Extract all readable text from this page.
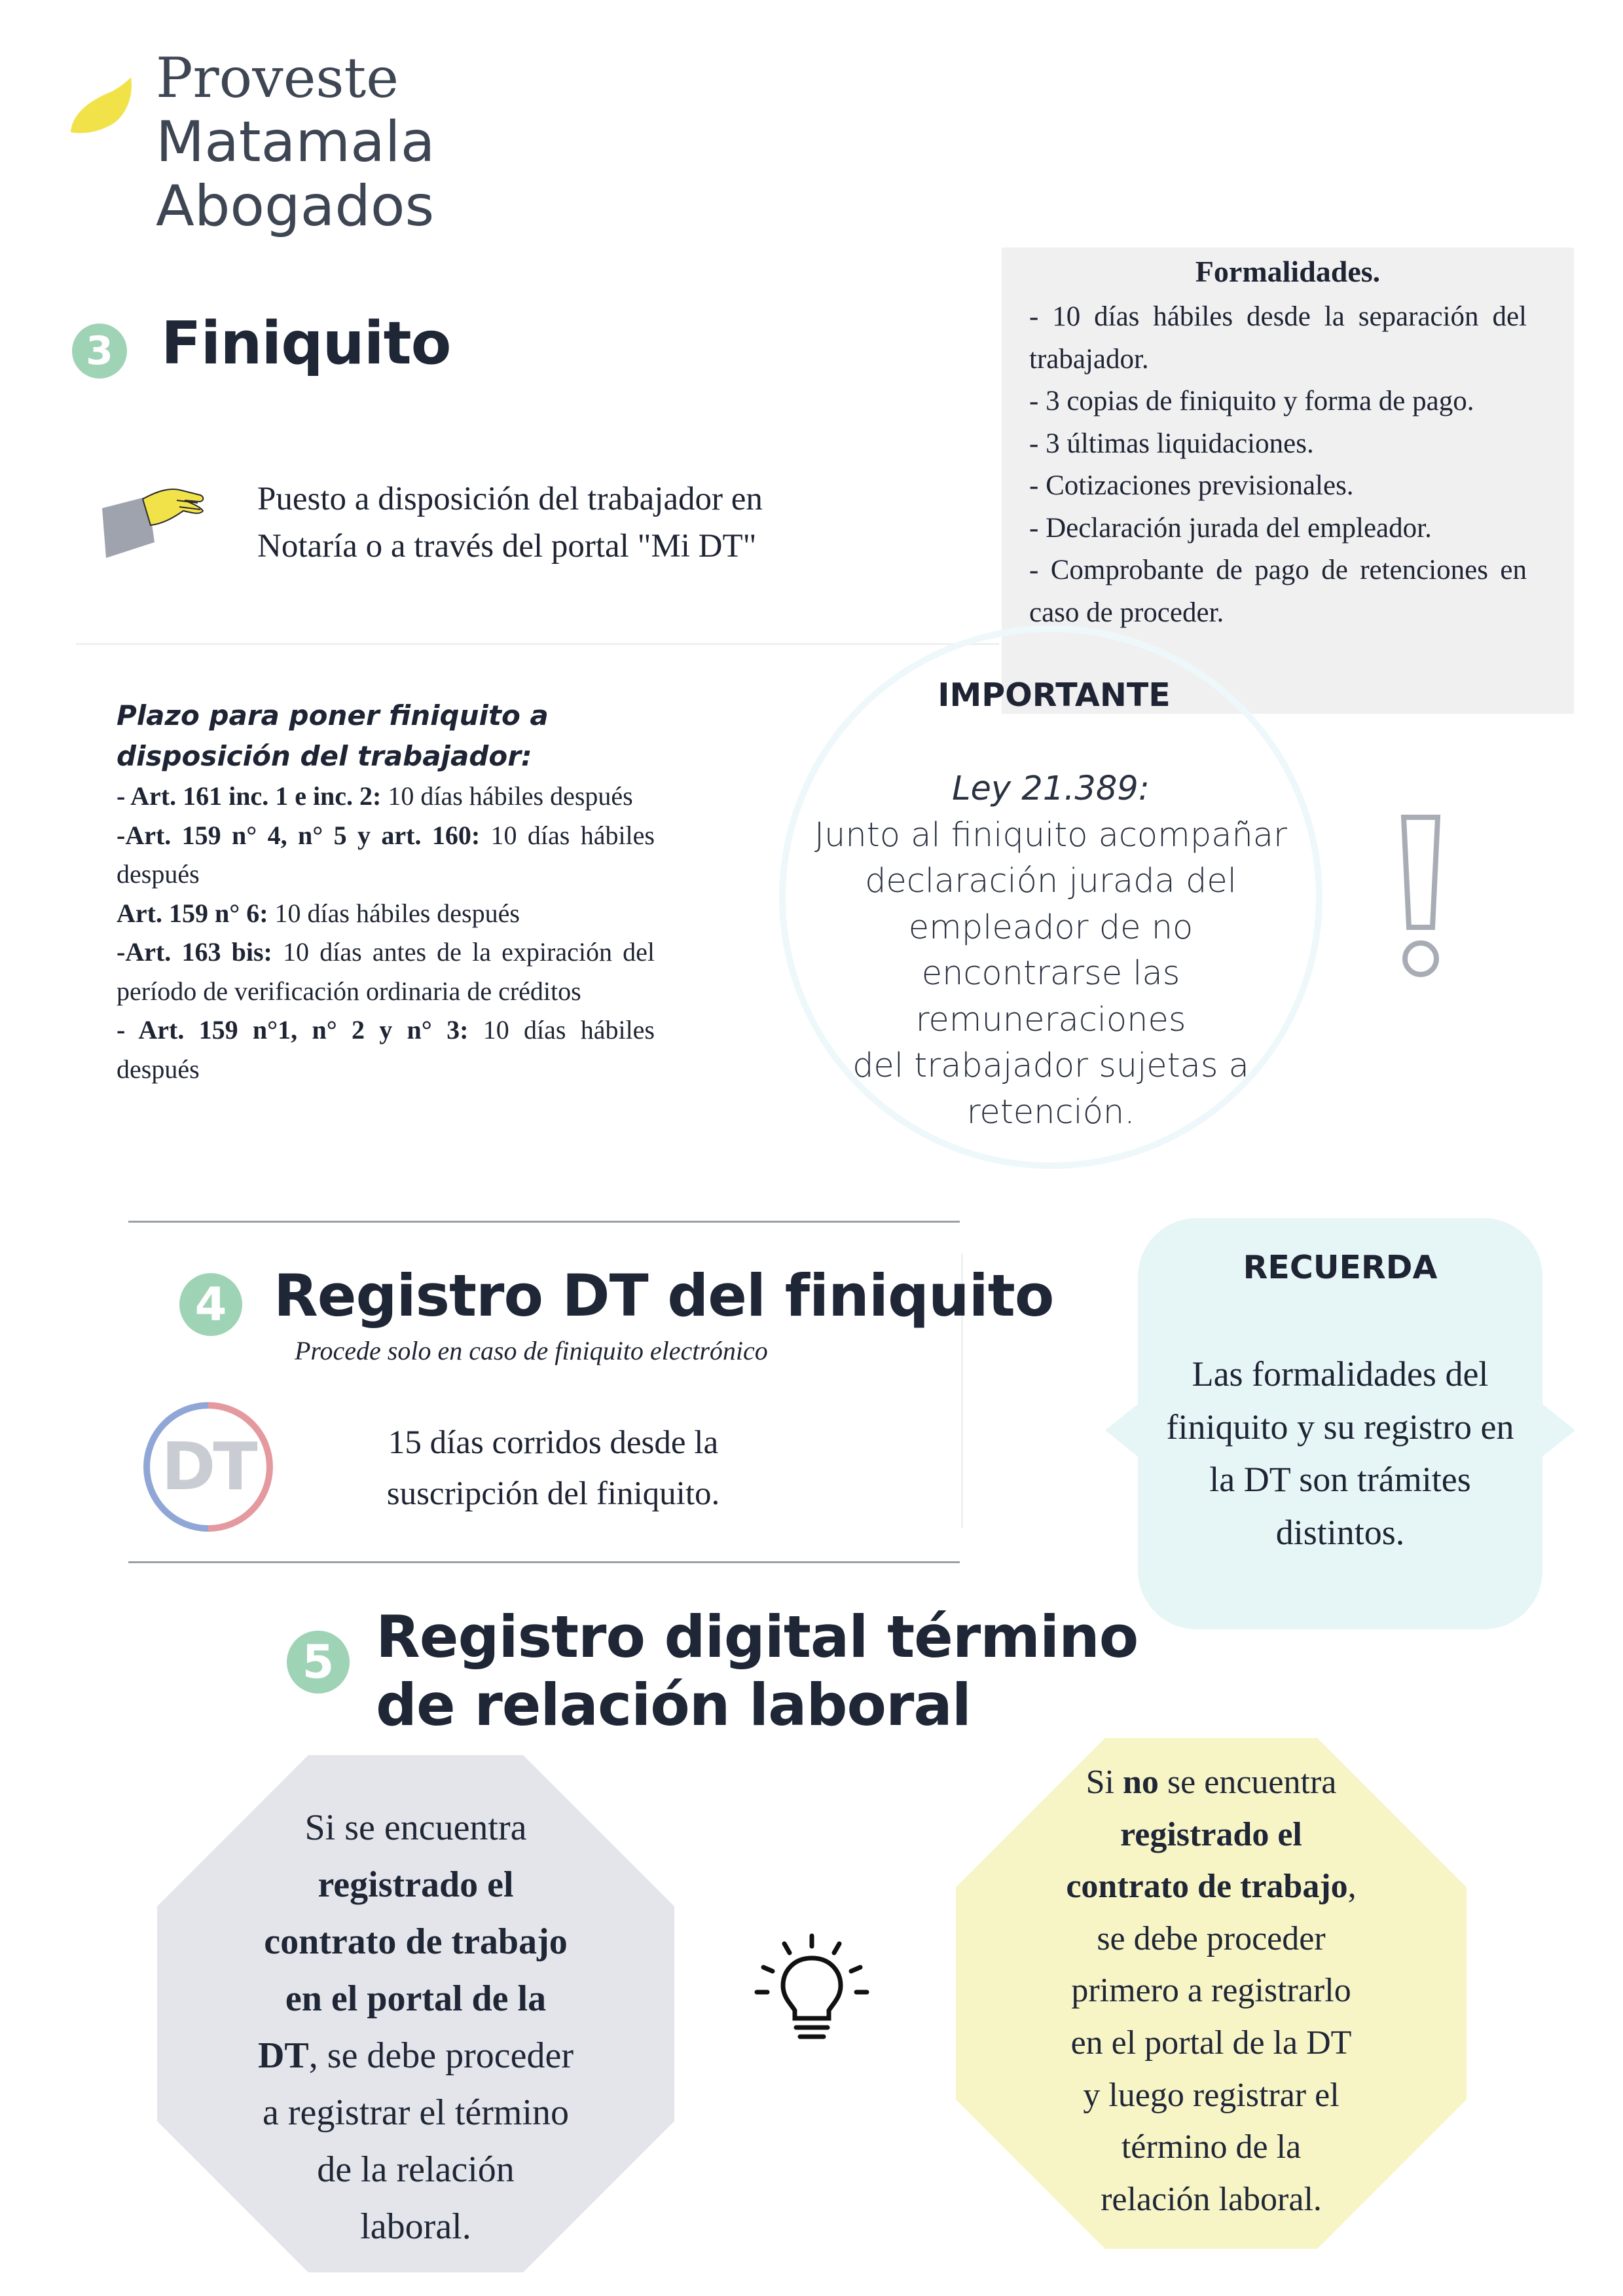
Proveste
Matamala
Abogados
Formalidades.
- 10 días hábiles desde la separación del trabajador.
- 3 copias de finiquito y forma de pago.
- 3 últimas liquidaciones.
- Cotizaciones previsionales.
- Declaración jurada del empleador.
- Comprobante de pago de retenciones en caso de proceder.
3 Finiquito
Puesto a disposición del trabajador en
Notaría o a través del portal "Mi DT"
Plazo para poner finiquito a
disposición del trabajador:
- Art. 161 inc. 1 e inc. 2: 10 días hábiles después
-Art. 159 n° 4, n° 5 y art. 160: 10 días hábiles después
Art. 159 n° 6: 10 días hábiles después
-Art. 163 bis: 10 días antes de la expiración del período de verificación ordinaria de créditos
- Art. 159 n°1, n° 2 y n° 3: 10 días hábiles después
IMPORTANTE
Ley 21.389:
Junto al finiquito acompañar
declaración jurada del
empleador de no
encontrarse las remuneraciones
del trabajador sujetas a
retención.
4 Registro DT del finiquito
Procede solo en caso de finiquito electrónico
DT	15 días corridos desde la
suscripción del finiquito.
RECUERDA
Las formalidades del
finiquito y su registro en
la DT son trámites
distintos.
5 Registro digital término
de relación laboral
Si se encuentra
registrado el
contrato de trabajo
en el portal de la
DT, se debe proceder
a registrar el término
de la relación
laboral.
Si no se encuentra
registrado el
contrato de trabajo,
se debe proceder
primero a registrarlo
en el portal de la DT
y luego registrar el
término de la
relación laboral.
